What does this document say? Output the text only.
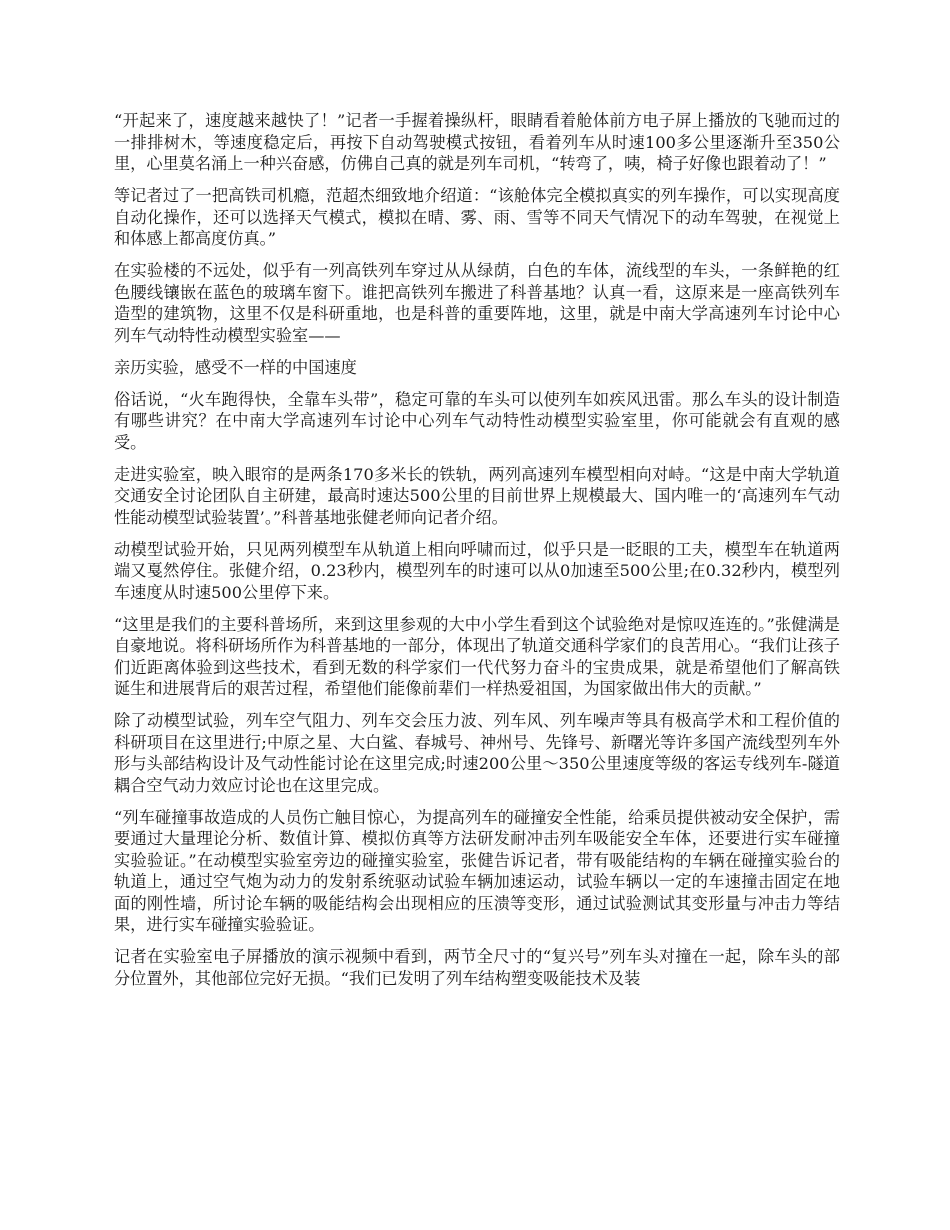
“开起来了，速度越来越快了！”记者一手握着操纵杆，眼睛看着舱体前方电子屏上播放的飞驰而过的一排排树木，等速度稳定后，再按下自动驾驶模式按钮，看着列车从时速100多公里逐渐升至350公里，心里莫名涌上一种兴奋感，仿佛自己真的就是列车司机，“转弯了，咦，椅子好像也跟着动了！”

等记者过了一把高铁司机瘾，范超杰细致地介绍道：“该舱体完全模拟真实的列车操作，可以实现高度自动化操作，还可以选择天气模式，模拟在晴、雾、雨、雪等不同天气情况下的动车驾驶，在视觉上和体感上都高度仿真。”

在实验楼的不远处，似乎有一列高铁列车穿过从从绿荫，白色的车体，流线型的车头，一条鲜艳的红色腰线镶嵌在蓝色的玻璃车窗下。谁把高铁列车搬进了科普基地？认真一看，这原来是一座高铁列车造型的建筑物，这里不仅是科研重地，也是科普的重要阵地，这里，就是中南大学高速列车讨论中心列车气动特性动模型实验室——

亲历实验，感受不一样的中国速度

俗话说，“火车跑得快，全靠车头带”，稳定可靠的车头可以使列车如疾风迅雷。那么车头的设计制造有哪些讲究？在中南大学高速列车讨论中心列车气动特性动模型实验室里，你可能就会有直观的感受。

走进实验室，映入眼帘的是两条170多米长的铁轨，两列高速列车模型相向对峙。“这是中南大学轨道交通安全讨论团队自主研建，最高时速达500公里的目前世界上规模最大、国内唯一的‘高速列车气动性能动模型试验装置’。”科普基地张健老师向记者介绍。

动模型试验开始，只见两列模型车从轨道上相向呼啸而过，似乎只是一眨眼的工夫，模型车在轨道两端又戛然停住。张健介绍，0.23秒内，模型列车的时速可以从0加速至500公里;在0.32秒内，模型列车速度从时速500公里停下来。

“这里是我们的主要科普场所，来到这里参观的大中小学生看到这个试验绝对是惊叹连连的。”张健满是自豪地说。将科研场所作为科普基地的一部分，体现出了轨道交通科学家们的良苦用心。“我们让孩子们近距离体验到这些技术，看到无数的科学家们一代代努力奋斗的宝贵成果，就是希望他们了解高铁诞生和进展背后的艰苦过程，希望他们能像前辈们一样热爱祖国，为国家做出伟大的贡献。”

除了动模型试验，列车空气阻力、列车交会压力波、列车风、列车噪声等具有极高学术和工程价值的科研项目在这里进行;中原之星、大白鲨、春城号、神州号、先锋号、新曙光等许多国产流线型列车外形与头部结构设计及气动性能讨论在这里完成;时速200公里～350公里速度等级的客运专线列车-隧道耦合空气动力效应讨论也在这里完成。

“列车碰撞事故造成的人员伤亡触目惊心，为提高列车的碰撞安全性能，给乘员提供被动安全保护，需要通过大量理论分析、数值计算、模拟仿真等方法研发耐冲击列车吸能安全车体，还要进行实车碰撞实验验证。”在动模型实验室旁边的碰撞实验室，张健告诉记者，带有吸能结构的车辆在碰撞实验台的轨道上，通过空气炮为动力的发射系统驱动试验车辆加速运动，试验车辆以一定的车速撞击固定在地面的刚性墙，所讨论车辆的吸能结构会出现相应的压溃等变形，通过试验测试其变形量与冲击力等结果，进行实车碰撞实验验证。

记者在实验室电子屏播放的演示视频中看到，两节全尺寸的“复兴号”列车头对撞在一起，除车头的部分位置外，其他部位完好无损。“我们已发明了列车结构塑变吸能技术及装
